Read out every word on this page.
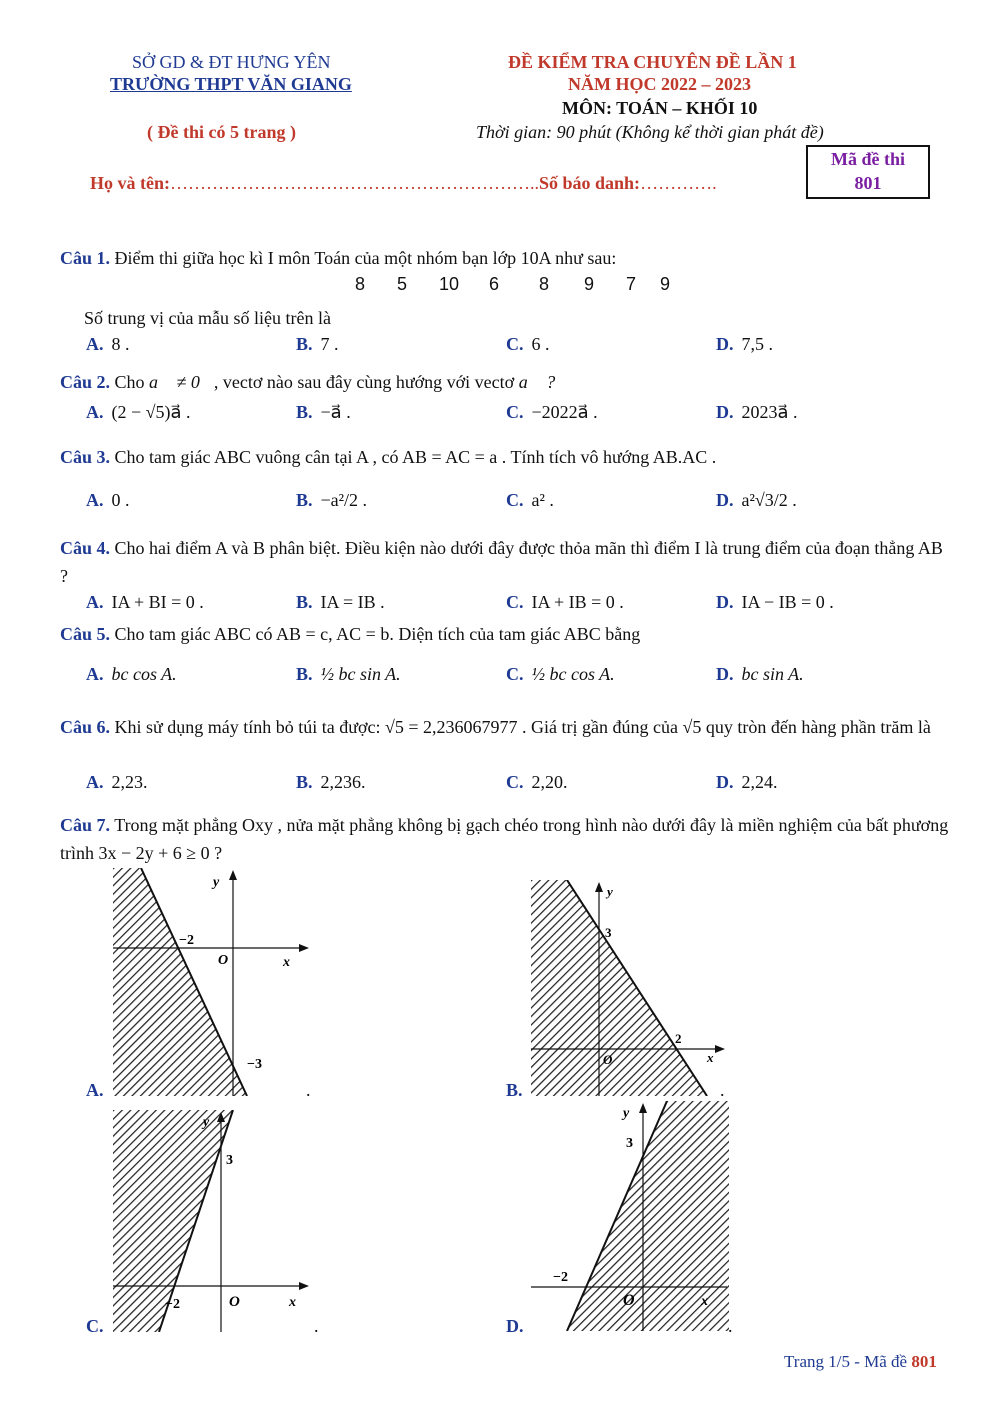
SỞ GD & ĐT HƯNG YÊN
TRƯỜNG THPT VĂN GIANG
( Đề thi có 5 trang )
ĐỀ KIỂM TRA CHUYÊN ĐỀ LẦN 1
NĂM HỌC 2022 – 2023
MÔN: TOÁN – KHỐI 10
Thời gian: 90 phút (Không kể thời gian phát đề)
Mã đề thi
801
Họ và tên:……………………………………………………..Số báo danh:………….
Câu 1. Điểm thi giữa học kì I môn Toán của một nhóm bạn lớp 10A như sau:
8 5 10 6 8 9 7 9
Số trung vị của mẫu số liệu trên là
A. 8 .	B. 7 .	C. 6 .	D. 7,5 .
Câu 2. Cho a⃗ ≠ 0⃗, vectơ nào sau đây cùng hướng với vectơ a⃗ ?
A. (2 − √5)a⃗ .	B. −a⃗ .	C. −2022a⃗ .	D. 2023a⃗ .
Câu 3. Cho tam giác ABC vuông cân tại A , có AB = AC = a . Tính tích vô hướng AB.AC .
A. 0 .	B. −a²/2 .	C. a² .	D. a²√3/2 .
Câu 4. Cho hai điểm A và B phân biệt. Điều kiện nào dưới đây được thỏa mãn thì điểm I là trung điểm của đoạn thẳng AB ?
A. IA + BI = 0 .	B. IA = IB .	C. IA + IB = 0 .	D. IA − IB = 0 .
Câu 5. Cho tam giác ABC có AB = c, AC = b. Diện tích của tam giác ABC bằng
A. bc cos A.	B. ½ bc sin A.	C. ½ bc cos A.	D. bc sin A.
Câu 6. Khi sử dụng máy tính bỏ túi ta được: √5 = 2,236067977 . Giá trị gần đúng của √5 quy tròn đến hàng phần trăm là
A. 2,23.	B. 2,236.	C. 2,20.	D. 2,24.
Câu 7. Trong mặt phẳng Oxy , nửa mặt phẳng không bị gạch chéo trong hình nào dưới đây là miền nghiệm của bất phương trình 3x − 2y + 6 ≥ 0 ?
A.
y
x
O
−2
−3
.	B.
y
x
O
3
2
.
C.
y
x
O
3
−2
.	D.
y
x
O
3
−2
.
Trang 1/5 - Mã đề 801
